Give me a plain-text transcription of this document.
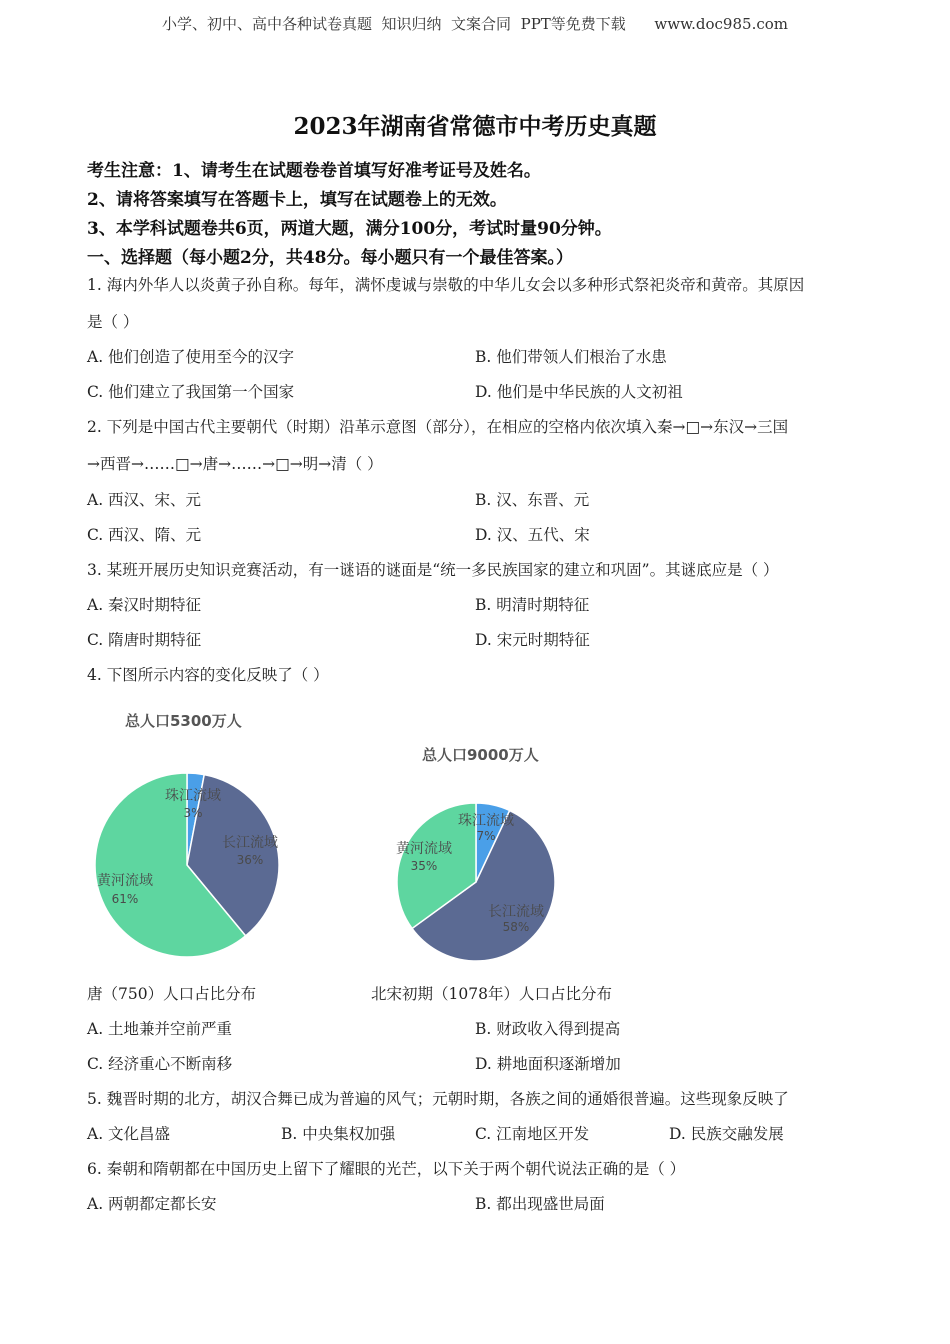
小学、初中、高中各种试卷真题  知识归纳  文案合同  PPT等免费下载      www.doc985.com
2023年湖南省常德市中考历史真题
考生注意：1、请考生在试题卷卷首填写好准考证号及姓名。
2、请将答案填写在答题卡上，填写在试题卷上的无效。
3、本学科试题卷共6页，两道大题，满分100分，考试时量90分钟。
一、选择题（每小题2分，共48分。每小题只有一个最佳答案。）
1. 海内外华人以炎黄子孙自称。每年，满怀虔诚与崇敬的中华儿女会以多种形式祭祀炎帝和黄帝。其原因
是（ ）
A. 他们创造了使用至今的汉字	B. 他们带领人们根治了水患
C. 他们建立了我国第一个国家	D. 他们是中华民族的人文初祖
2. 下列是中国古代主要朝代（时期）沿革示意图（部分），在相应的空格内依次填入秦→□→东汉→三国
→西晋→……□→唐→……→□→明→清（ ）
A. 西汉、宋、元	B. 汉、东晋、元
C. 西汉、隋、元	D. 汉、五代、宋
3. 某班开展历史知识竞赛活动，有一谜语的谜面是“统一多民族国家的建立和巩固”。其谜底应是（ ）
A. 秦汉时期特征	B. 明清时期特征
C. 隋唐时期特征	D. 宋元时期特征
4. 下图所示内容的变化反映了（ ）
总人口5300万人
珠江流域
3%
长江流域
36%
黄河流域
61%
总人口9000万人
珠江流域
7%
长江流域
58%
黄河流域
35%
唐（750）人口占比分布	北宋初期（1078年）人口占比分布
A. 土地兼并空前严重	B. 财政收入得到提高
C. 经济重心不断南移	D. 耕地面积逐渐增加
5. 魏晋时期的北方，胡汉合舞已成为普遍的风气；元朝时期，各族之间的通婚很普遍。这些现象反映了
A. 文化昌盛	B. 中央集权加强	C. 江南地区开发	D. 民族交融发展
6. 秦朝和隋朝都在中国历史上留下了耀眼的光芒，以下关于两个朝代说法正确的是（ ）
A. 两朝都定都长安	B. 都出现盛世局面
